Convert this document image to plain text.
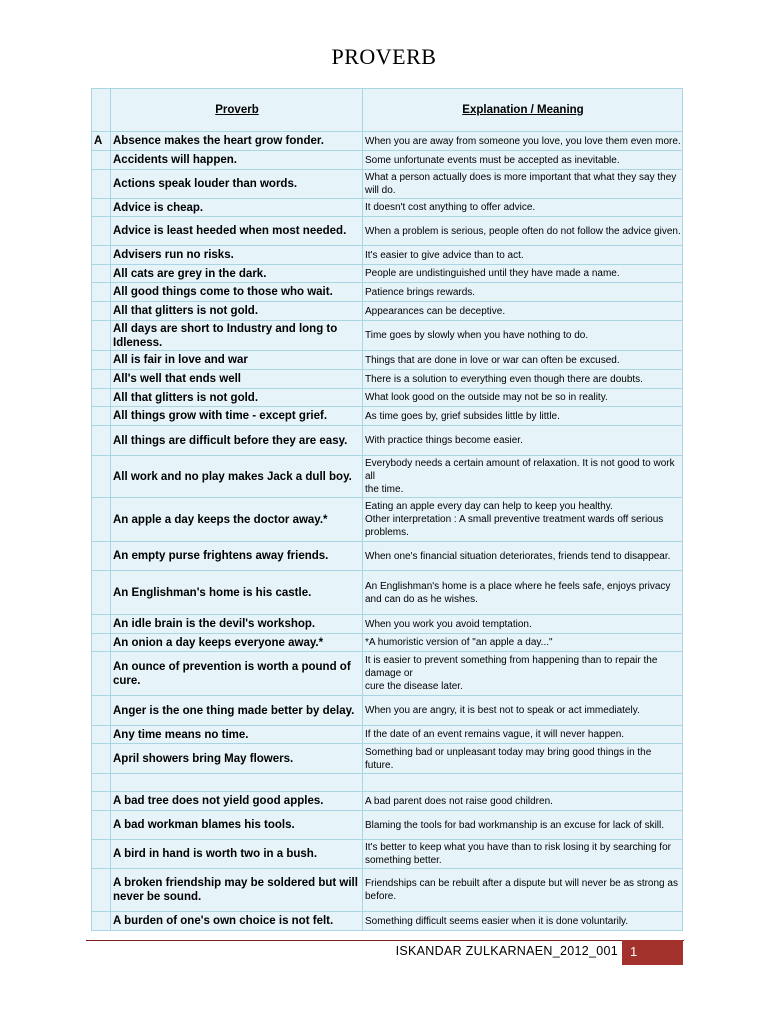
PROVERB
	Proverb	Explanation / Meaning
A	Absence makes the heart grow fonder.	When you are away from someone you love, you love them even more.
	Accidents will happen.	Some unfortunate events must be accepted as inevitable.
	Actions speak louder than words.	What a person actually does is more important that what they say they will do.
	Advice is cheap.	It doesn't cost anything to offer advice.
	Advice is least heeded when most needed.	When a problem is serious, people often do not follow the advice given.
	Advisers run no risks.	It's easier to give advice than to act.
	All cats are grey in the dark.	People are undistinguished until they have made a name.
	All good things come to those who wait.	Patience brings rewards.
	All that glitters is not gold.	Appearances can be deceptive.
	All days are short to Industry and long to Idleness.	Time goes by slowly when you have nothing to do.
	All is fair in love and war	Things that are done in love or war can often be excused.
	All's well that ends well	There is a solution to everything even though there are doubts.
	All that glitters is not gold.	What look good on the outside may not be so in reality.
	All things grow with time - except grief.	As time goes by, grief subsides little by little.
	All things are difficult before they are easy.	With practice things become easier.
	All work and no play makes Jack a dull boy.	Everybody needs a certain amount of relaxation. It is not good to work all
the time.
	An apple a day keeps the doctor away.*	Eating an apple every day can help to keep you healthy.
Other interpretation : A small preventive treatment wards off serious problems.
	An empty purse frightens away friends.	When one's financial situation deteriorates, friends tend to disappear.
	An Englishman's home is his castle.	An Englishman's home is a place where he feels safe, enjoys privacy
and can do as he wishes.
	An idle brain is the devil's workshop.	When you work you avoid temptation.
	An onion a day keeps everyone away.*	*A humoristic version of "an apple a day..."
	An ounce of prevention is worth a pound of cure.	It is easier to prevent something from happening than to repair the damage or
cure the disease later.
	Anger is the one thing made better by delay.	When you are angry, it is best not to speak or act immediately.
	Any time means no time.	If the date of an event remains vague, it will never happen.
	April showers bring May flowers.	Something bad or unpleasant today may bring good things in the future.

	A bad tree does not yield good apples.	A bad parent does not raise good children.
	A bad workman blames his tools.	Blaming the tools for bad workmanship is an excuse for lack of skill.
	A bird in hand is worth two in a bush.	It's better to keep what you have than to risk losing it by searching for something better.
	A broken friendship may be soldered but will
never be sound.	Friendships can be rebuilt after a dispute but will never be as strong as before.
	A burden of one's own choice is not felt.	Something difficult seems easier when it is done voluntarily.
ISKANDAR ZULKARNAEN_2012_001 1
